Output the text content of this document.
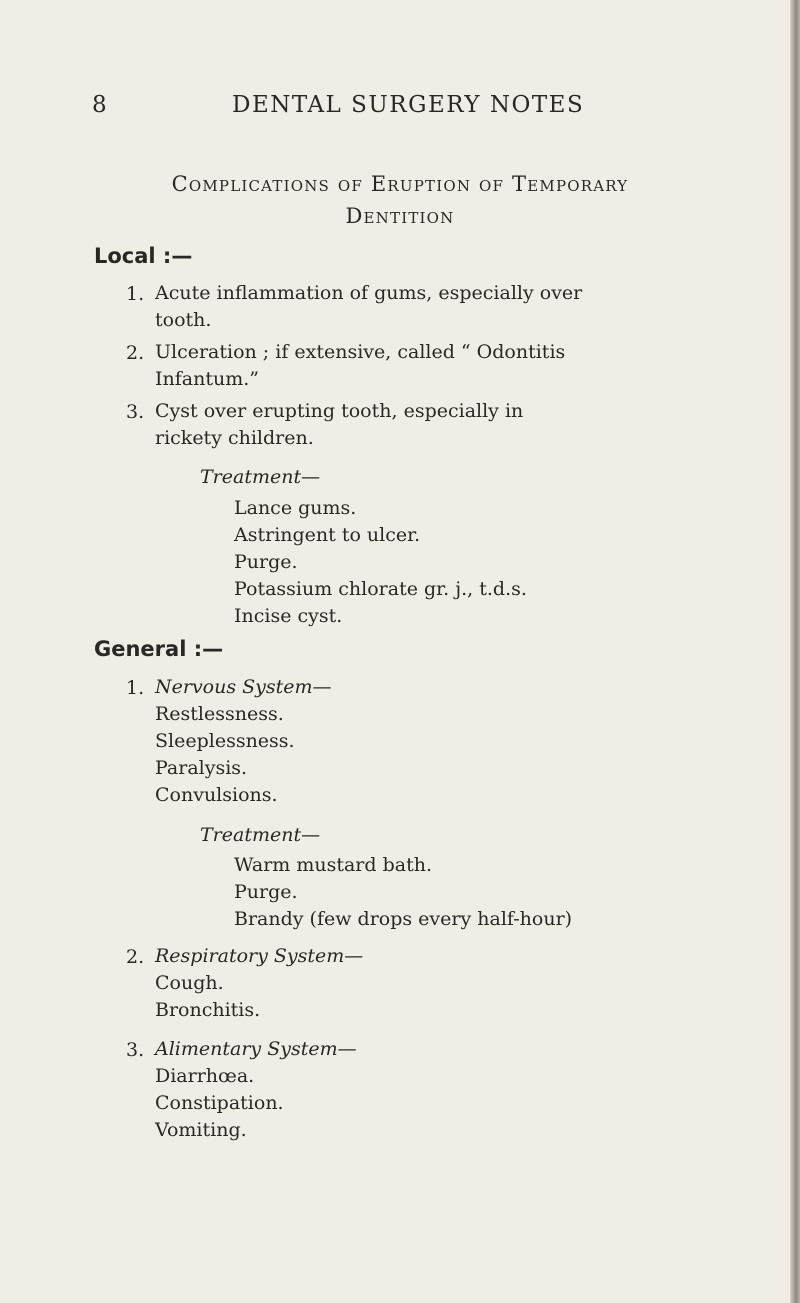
8	DENTAL SURGERY NOTES
Complications of Eruption of Temporary
Dentition
Local :—
1. Acute inflammation of gums, especially over
tooth.
2. Ulceration ; if extensive, called “ Odontitis
Infantum.”
3. Cyst over erupting tooth, especially in
rickety children.
Treatment—
Lance gums.
Astringent to ulcer.
Purge.
Potassium chlorate gr. j., t.d.s.
Incise cyst.
General :—
1. Nervous System—
Restlessness.
Sleeplessness.
Paralysis.
Convulsions.
Treatment—
Warm mustard bath.
Purge.
Brandy (few drops every half-hour)
2. Respiratory System—
Cough.
Bronchitis.
3. Alimentary System—
Diarrhœa.
Constipation.
Vomiting.
